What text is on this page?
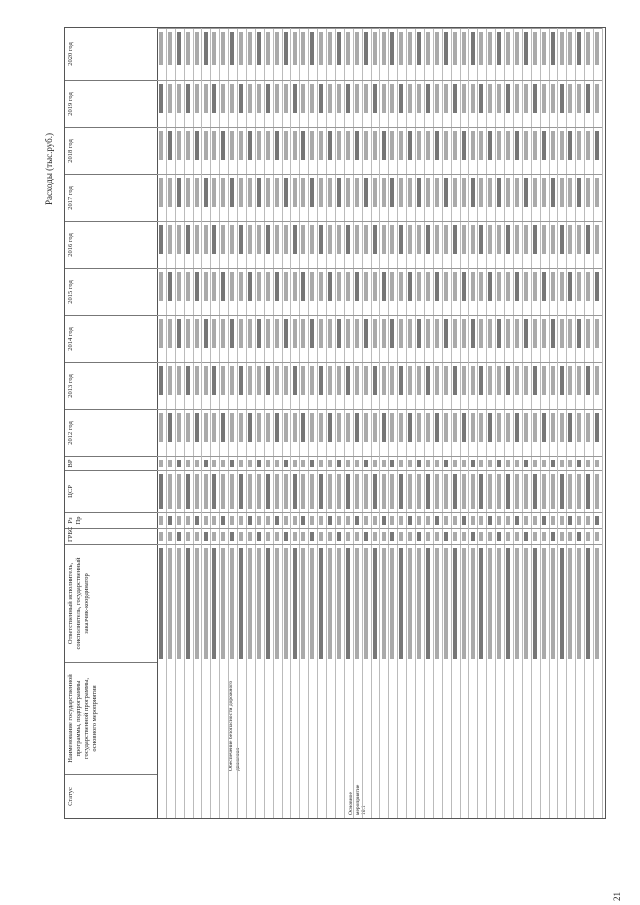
Расходы (тыс.руб.)
Статус
Наименование государственной программы, подпрограммы государственной программы, основного мероприятия
Ответственный исполнитель, соисполнитель, государственный заказчик-координатор
ГРБС
Рз Пр
ЦСР
ВР
2012 год
2013 год
2014 год
2015 год
2016 год
2017 год
2018 год
2019 год
2020 год
Основное мероприятие 10.1
Обеспечение безопасности дорожного движения
21
